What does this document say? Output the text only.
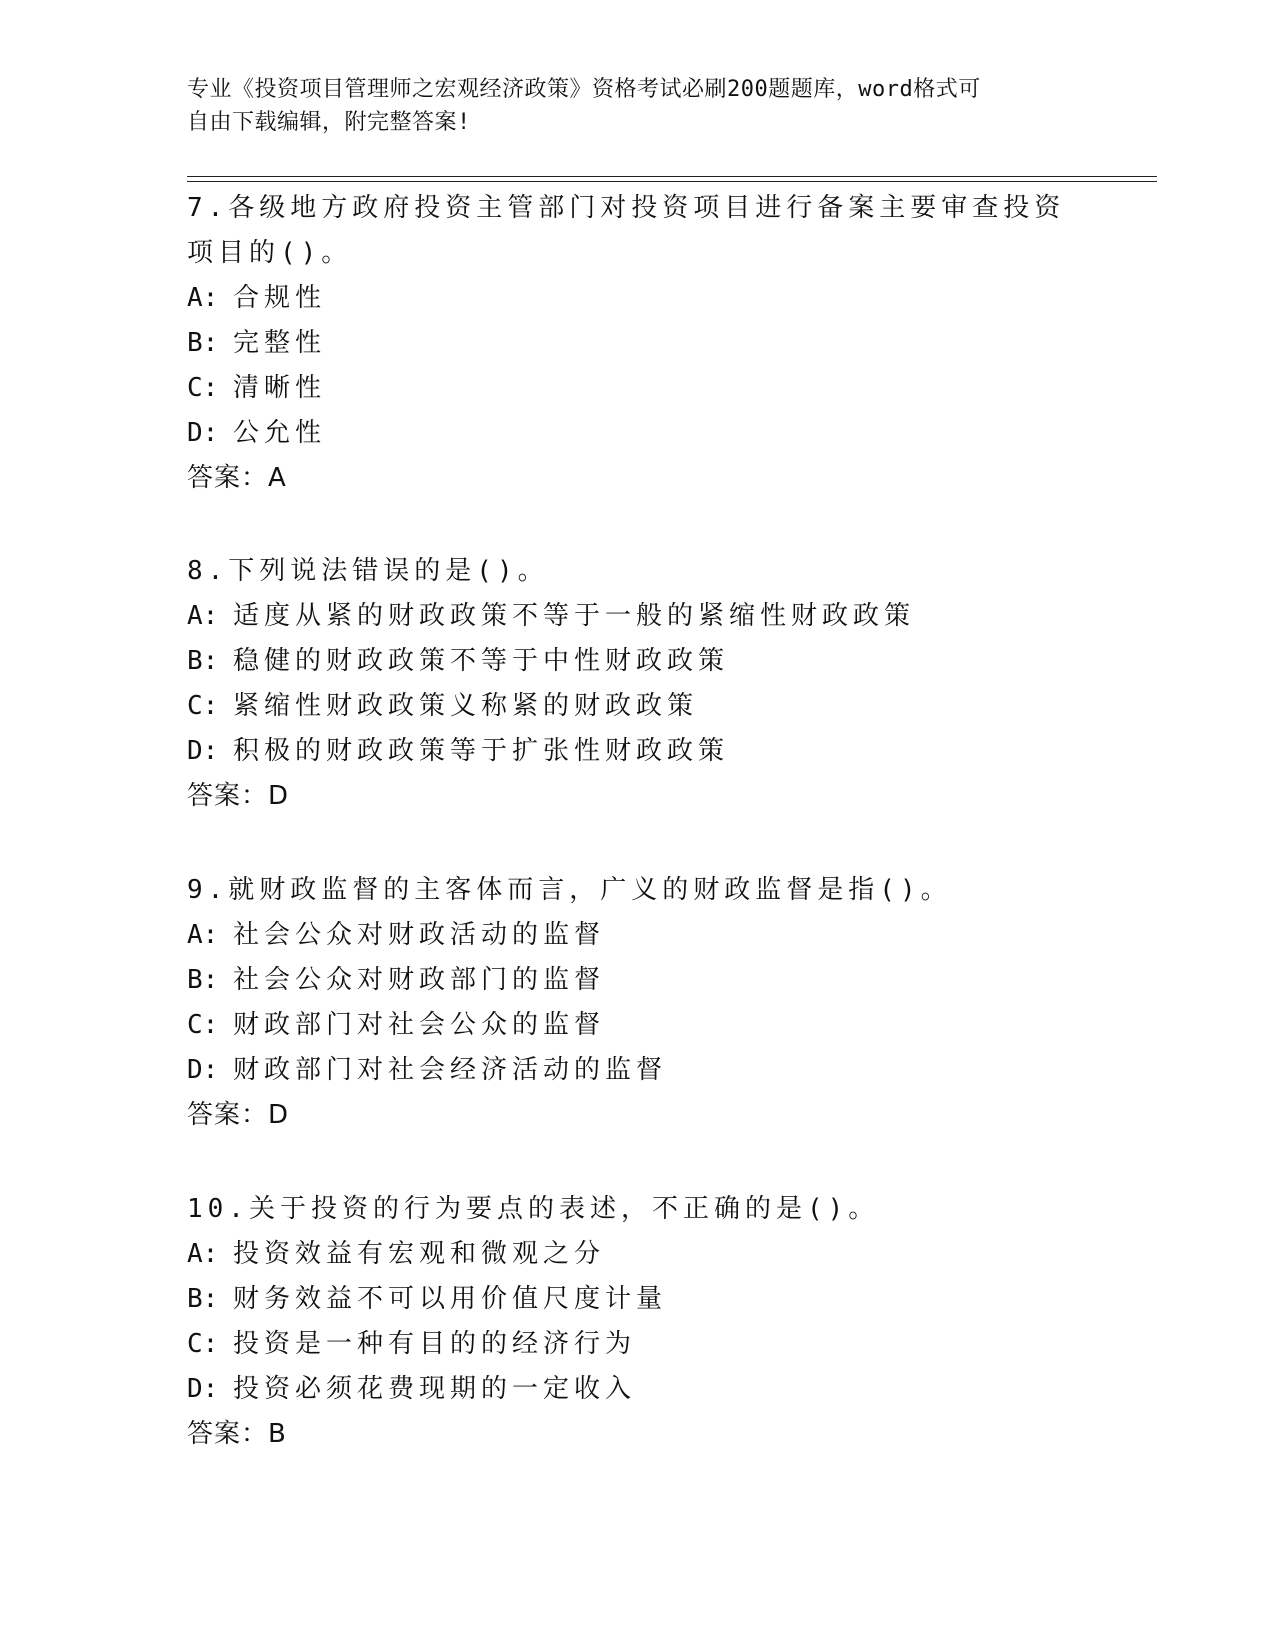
专业《投资项目管理师之宏观经济政策》资格考试必刷200题题库，word格式可
自由下载编辑，附完整答案!

7.各级地方政府投资主管部门对投资项目进行备案主要审查投资项目的()。

A: 合规性
B: 完整性
C: 清晰性
D: 公允性
答案：A

8.下列说法错误的是()。

A: 适度从紧的财政政策不等于一般的紧缩性财政政策
B: 稳健的财政政策不等于中性财政政策
C: 紧缩性财政政策义称紧的财政政策
D: 积极的财政政策等于扩张性财政政策
答案：D

9.就财政监督的主客体而言，广义的财政监督是指()。

A: 社会公众对财政活动的监督
B: 社会公众对财政部门的监督
C: 财政部门对社会公众的监督
D: 财政部门对社会经济活动的监督
答案：D

10.关于投资的行为要点的表述，不正确的是()。

A: 投资效益有宏观和微观之分
B: 财务效益不可以用价值尺度计量
C: 投资是一种有目的的经济行为
D: 投资必须花费现期的一定收入
答案：B
